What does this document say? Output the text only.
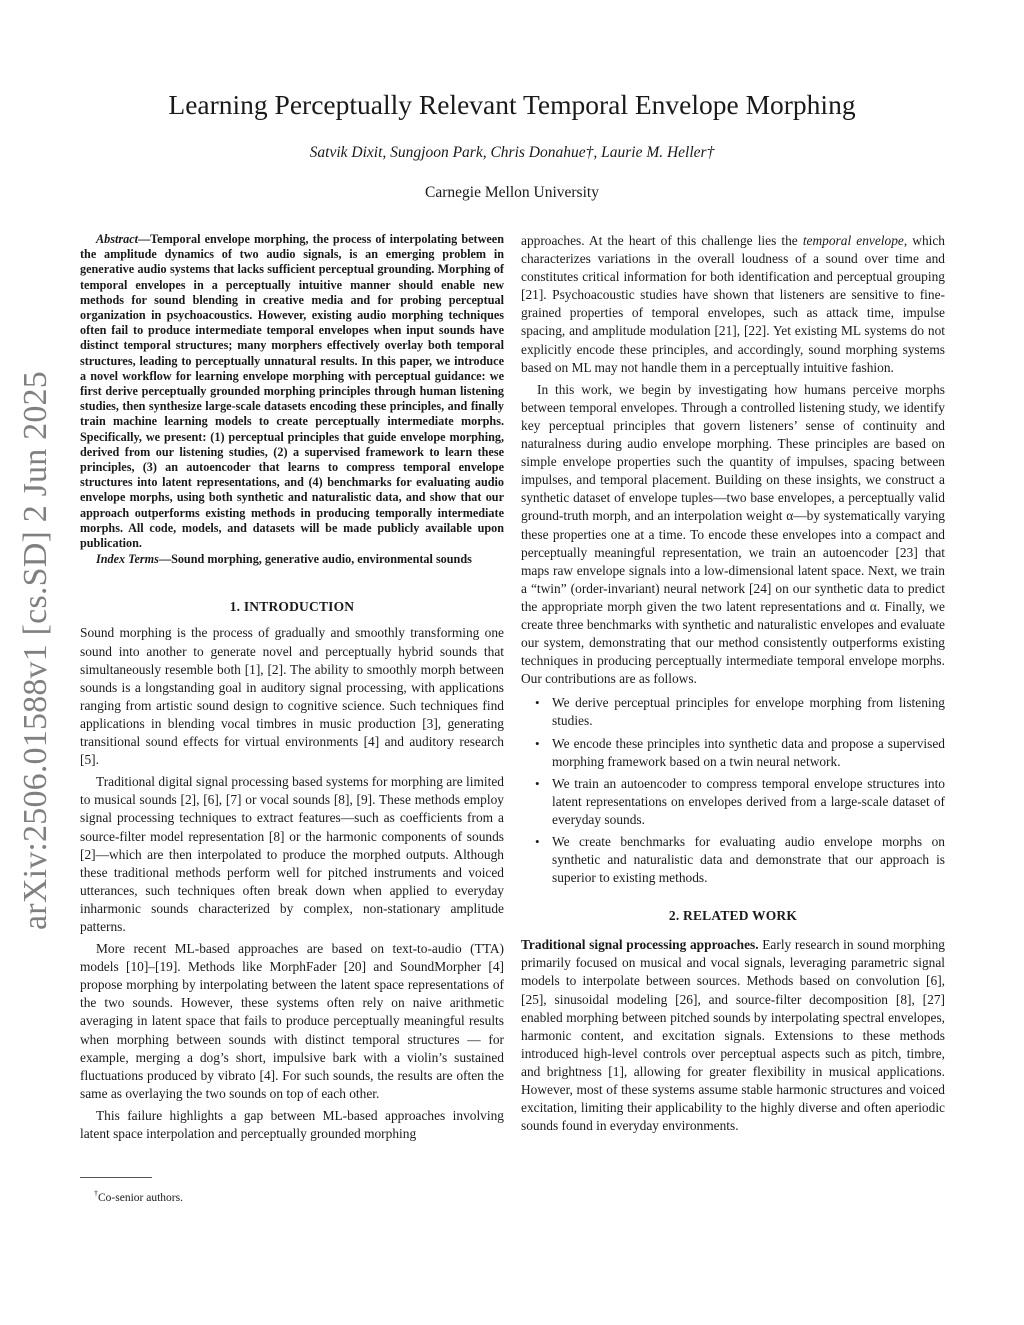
Learning Perceptually Relevant Temporal Envelope Morphing
Satvik Dixit, Sungjoon Park, Chris Donahue†, Laurie M. Heller†
Carnegie Mellon University
arXiv:2506.01588v1 [cs.SD] 2 Jun 2025

Abstract—Temporal envelope morphing, the process of interpolating between the amplitude dynamics of two audio signals, is an emerging problem in generative audio systems that lacks sufficient perceptual grounding. Morphing of temporal envelopes in a perceptually intuitive manner should enable new methods for sound blending in creative media and for probing perceptual organization in psychoacoustics. However, existing audio morphing techniques often fail to produce intermediate temporal envelopes when input sounds have distinct temporal structures; many morphers effectively overlay both temporal structures, leading to perceptually unnatural results. In this paper, we introduce a novel workflow for learning envelope morphing with perceptual guidance: we first derive perceptually grounded morphing principles through human listening studies, then synthesize large-scale datasets encoding these principles, and finally train machine learning models to create perceptually intermediate morphs. Specifically, we present: (1) perceptual principles that guide envelope morphing, derived from our listening studies, (2) a supervised framework to learn these principles, (3) an autoencoder that learns to compress temporal envelope structures into latent representations, and (4) benchmarks for evaluating audio envelope morphs, using both synthetic and naturalistic data, and show that our approach outperforms existing methods in producing temporally intermediate morphs. All code, models, and datasets will be made publicly available upon publication.

Index Terms—Sound morphing, generative audio, environmental sounds

1. INTRODUCTION

Sound morphing is the process of gradually and smoothly transforming one sound into another to generate novel and perceptually hybrid sounds that simultaneously resemble both [1], [2]. The ability to smoothly morph between sounds is a longstanding goal in auditory signal processing, with applications ranging from artistic sound design to cognitive science. Such techniques find applications in blending vocal timbres in music production [3], generating transitional sound effects for virtual environments [4] and auditory research [5].

Traditional digital signal processing based systems for morphing are limited to musical sounds [2], [6], [7] or vocal sounds [8], [9]. These methods employ signal processing techniques to extract features—such as coefficients from a source-filter model representation [8] or the harmonic components of sounds [2]—which are then interpolated to produce the morphed outputs. Although these traditional methods perform well for pitched instruments and voiced utterances, such techniques often break down when applied to everyday inharmonic sounds characterized by complex, non-stationary amplitude patterns.

More recent ML-based approaches are based on text-to-audio (TTA) models [10]–[19]. Methods like MorphFader [20] and SoundMorpher [4] propose morphing by interpolating between the latent space representations of the two sounds. However, these systems often rely on naive arithmetic averaging in latent space that fails to produce perceptually meaningful results when morphing between sounds with distinct temporal structures — for example, merging a dog’s short, impulsive bark with a violin’s sustained fluctuations produced by vibrato [4]. For such sounds, the results are often the same as overlaying the two sounds on top of each other.

This failure highlights a gap between ML-based approaches involving latent space interpolation and perceptually grounded morphing

†Co-senior authors.

approaches. At the heart of this challenge lies the temporal envelope, which characterizes variations in the overall loudness of a sound over time and constitutes critical information for both identification and perceptual grouping [21]. Psychoacoustic studies have shown that listeners are sensitive to fine-grained properties of temporal envelopes, such as attack time, impulse spacing, and amplitude modulation [21], [22]. Yet existing ML systems do not explicitly encode these principles, and accordingly, sound morphing systems based on ML may not handle them in a perceptually intuitive fashion.

In this work, we begin by investigating how humans perceive morphs between temporal envelopes. Through a controlled listening study, we identify key perceptual principles that govern listeners’ sense of continuity and naturalness during audio envelope morphing. These principles are based on simple envelope properties such the quantity of impulses, spacing between impulses, and temporal placement. Building on these insights, we construct a synthetic dataset of envelope tuples—two base envelopes, a perceptually valid ground-truth morph, and an interpolation weight α—by systematically varying these properties one at a time. To encode these envelopes into a compact and perceptually meaningful representation, we train an autoencoder [23] that maps raw envelope signals into a low-dimensional latent space. Next, we train a “twin” (order-invariant) neural network [24] on our synthetic data to predict the appropriate morph given the two latent representations and α. Finally, we create three benchmarks with synthetic and naturalistic envelopes and evaluate our system, demonstrating that our method consistently outperforms existing techniques in producing perceptually intermediate temporal envelope morphs. Our contributions are as follows.

• We derive perceptual principles for envelope morphing from listening studies.
• We encode these principles into synthetic data and propose a supervised morphing framework based on a twin neural network.
• We train an autoencoder to compress temporal envelope structures into latent representations on envelopes derived from a large-scale dataset of everyday sounds.
• We create benchmarks for evaluating audio envelope morphs on synthetic and naturalistic data and demonstrate that our approach is superior to existing methods.
2. RELATED WORK

Traditional signal processing approaches. Early research in sound morphing primarily focused on musical and vocal signals, leveraging parametric signal models to interpolate between sources. Methods based on convolution [6], [25], sinusoidal modeling [26], and source-filter decomposition [8], [27] enabled morphing between pitched sounds by interpolating spectral envelopes, harmonic content, and excitation signals. Extensions to these methods introduced high-level controls over perceptual aspects such as pitch, timbre, and brightness [1], allowing for greater flexibility in musical applications. However, most of these systems assume stable harmonic structures and voiced excitation, limiting their applicability to the highly diverse and often aperiodic sounds found in everyday environments.
